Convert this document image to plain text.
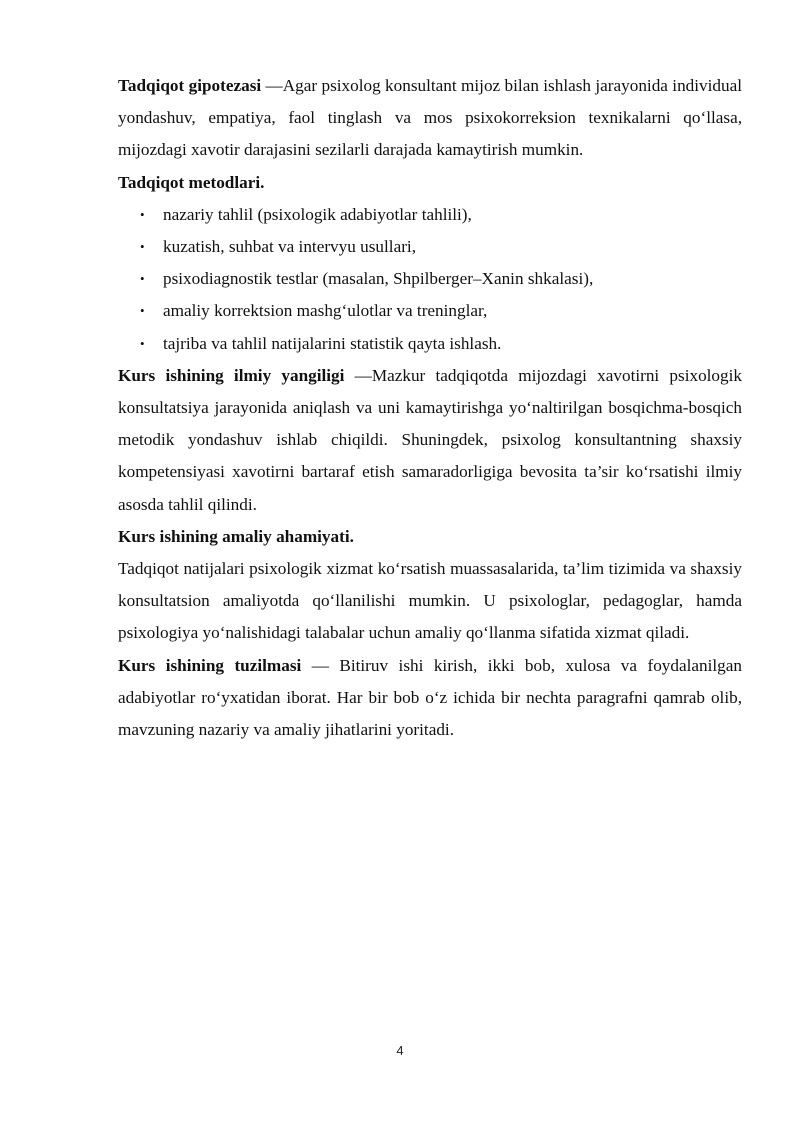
Tadqiqot gipotezasi —Agar psixolog konsultant mijoz bilan ishlash jarayonida individual yondashuv, empatiya, faol tinglash va mos psixokorreksion texnikalarni qo‘llasa, mijozdagi xavotir darajasini sezilarli darajada kamaytirish mumkin.

Tadqiqot metodlari.

• nazariy tahlil (psixologik adabiyotlar tahlili),
• kuzatish, suhbat va intervyu usullari,
• psixodiagnostik testlar (masalan, Shpilberger–Xanin shkalasi),
• amaliy korrektsion mashg‘ulotlar va treninglar,
• tajriba va tahlil natijalarini statistik qayta ishlash.

Kurs ishining ilmiy yangiligi —Mazkur tadqiqotda mijozdagi xavotirni psixologik konsultatsiya jarayonida aniqlash va uni kamaytirishga yo‘naltirilgan bosqichma-bosqich metodik yondashuv ishlab chiqildi. Shuningdek, psixolog konsultantning shaxsiy kompetensiyasi xavotirni bartaraf etish samaradorligiga bevosita ta’sir ko‘rsatishi ilmiy asosda tahlil qilindi.

Kurs ishining amaliy ahamiyati.

Tadqiqot natijalari psixologik xizmat ko‘rsatish muassasalarida, ta’lim tizimida va shaxsiy konsultatsion amaliyotda qo‘llanilishi mumkin. U psixologlar, pedagoglar, hamda psixologiya yo‘nalishidagi talabalar uchun amaliy qo‘llanma sifatida xizmat qiladi.

Kurs ishining tuzilmasi — Bitiruv ishi kirish, ikki bob, xulosa va foydalanilgan adabiyotlar ro‘yxatidan iborat. Har bir bob o‘z ichida bir nechta paragrafni qamrab olib, mavzuning nazariy va amaliy jihatlarini yoritadi.

4
